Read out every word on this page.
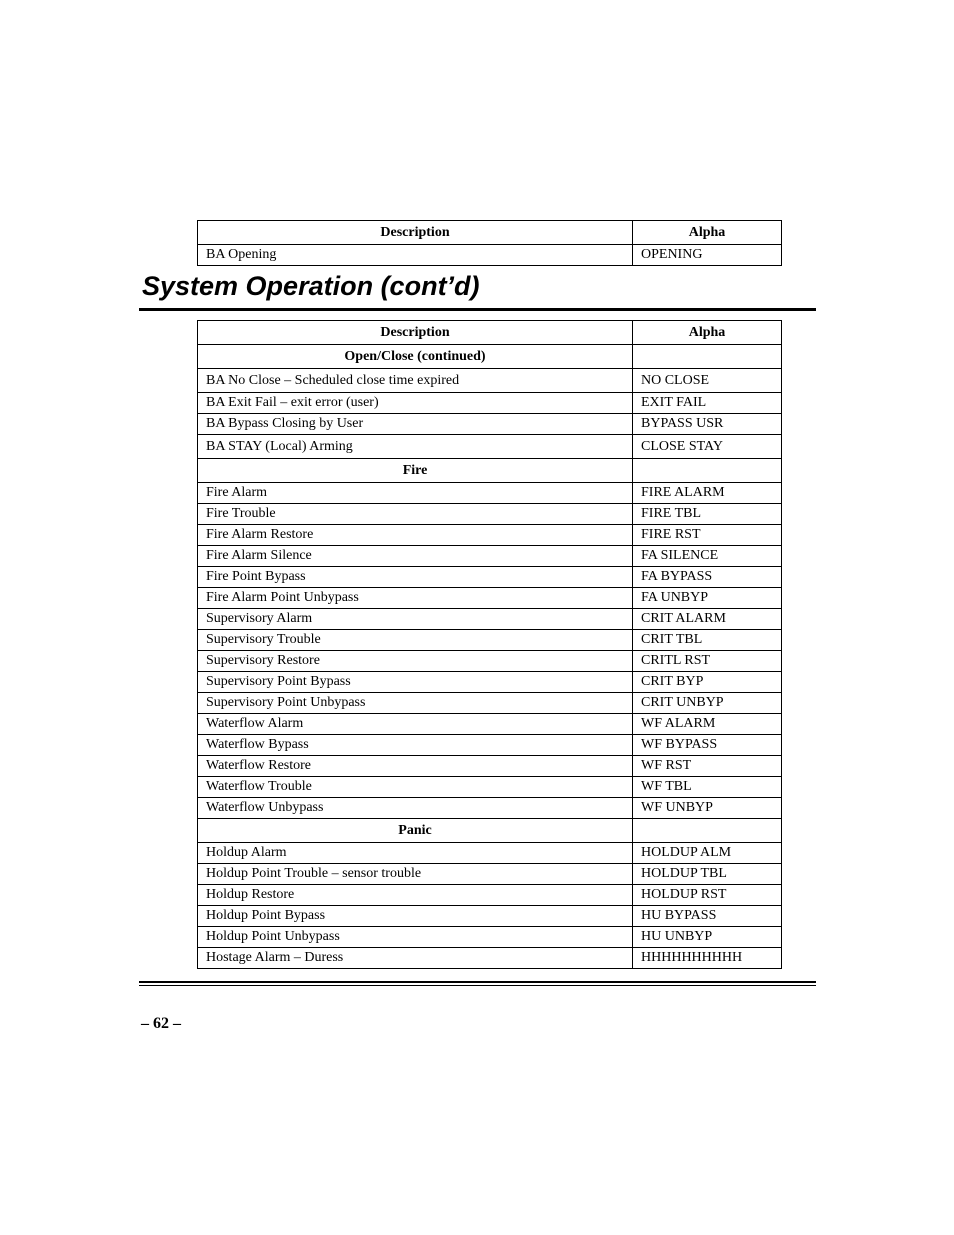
Description	Alpha
BA Opening	OPENING
System Operation (cont’d)
Description	Alpha
Open/Close (continued)	
BA No Close – Scheduled close time expired	NO CLOSE
BA Exit Fail – exit error (user)	EXIT FAIL
BA Bypass Closing by User	BYPASS USR
BA STAY (Local) Arming	CLOSE STAY
Fire	
Fire Alarm	FIRE ALARM
Fire Trouble	FIRE TBL
Fire Alarm Restore	FIRE RST
Fire Alarm Silence	FA SILENCE
Fire Point Bypass	FA BYPASS
Fire Alarm Point Unbypass	FA UNBYP
Supervisory Alarm	CRIT ALARM
Supervisory Trouble	CRIT TBL
Supervisory Restore	CRITL RST
Supervisory Point Bypass	CRIT BYP
Supervisory Point Unbypass	CRIT UNBYP
Waterflow Alarm	WF ALARM
Waterflow Bypass	WF BYPASS
Waterflow Restore	WF RST
Waterflow Trouble	WF TBL
Waterflow Unbypass	WF UNBYP
Panic	
Holdup Alarm	HOLDUP ALM
Holdup Point Trouble – sensor trouble	HOLDUP TBL
Holdup Restore	HOLDUP RST
Holdup Point Bypass	HU BYPASS
Holdup Point Unbypass	HU UNBYP
Hostage Alarm – Duress	HHHHHHHHHH
– 62 –
